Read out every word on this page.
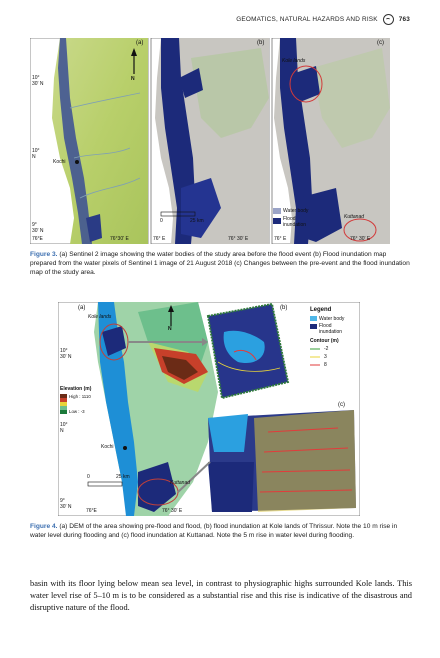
GEOMATICS, NATURAL HAZARDS AND RISK	763
(a)	(b)	(c)
N
10°
30' N
10°
N
9°
30' N
Kochi
Kole lands
Kuttanad
0	25 km
Water body
Flood
inundation
76°E	76°30' E	76° E	76° 30' E	76° E	76° 30' E
Figure 3. (a) Sentinel 2 image showing the water bodies of the study area before the flood event (b) Flood inundation map prepared from the water pixels of Sentinel 1 image of 21 August 2018 (c) Changes between the pre-event and the flood inundation map of the study area.
(a)	(b)
(c)
N
Kole lands
Kochi
Kuttanad
10°
30' N
10°
N
9°
30' N
76°E	76° 30' E
0	25 km
Elevation (m)
High : 1110
Low : -3
Legend
Water body
Flood
inundation
Contour (m)
-2
3
8
Figure 4. (a) DEM of the area showing pre-flood and flood, (b) flood inundation at Kole lands of Thrissur. Note the 10 m rise in water level during flooding and (c) flood inundation at Kuttanad. Note the 5 m rise in water level during flooding.
basin with its floor lying below mean sea level, in contrast to physiographic highs surrounded Kole lands. This water level rise of 5–10 m is to be considered as a substantial rise and this rise is indicative of the disastrous and disruptive nature of the flood.
